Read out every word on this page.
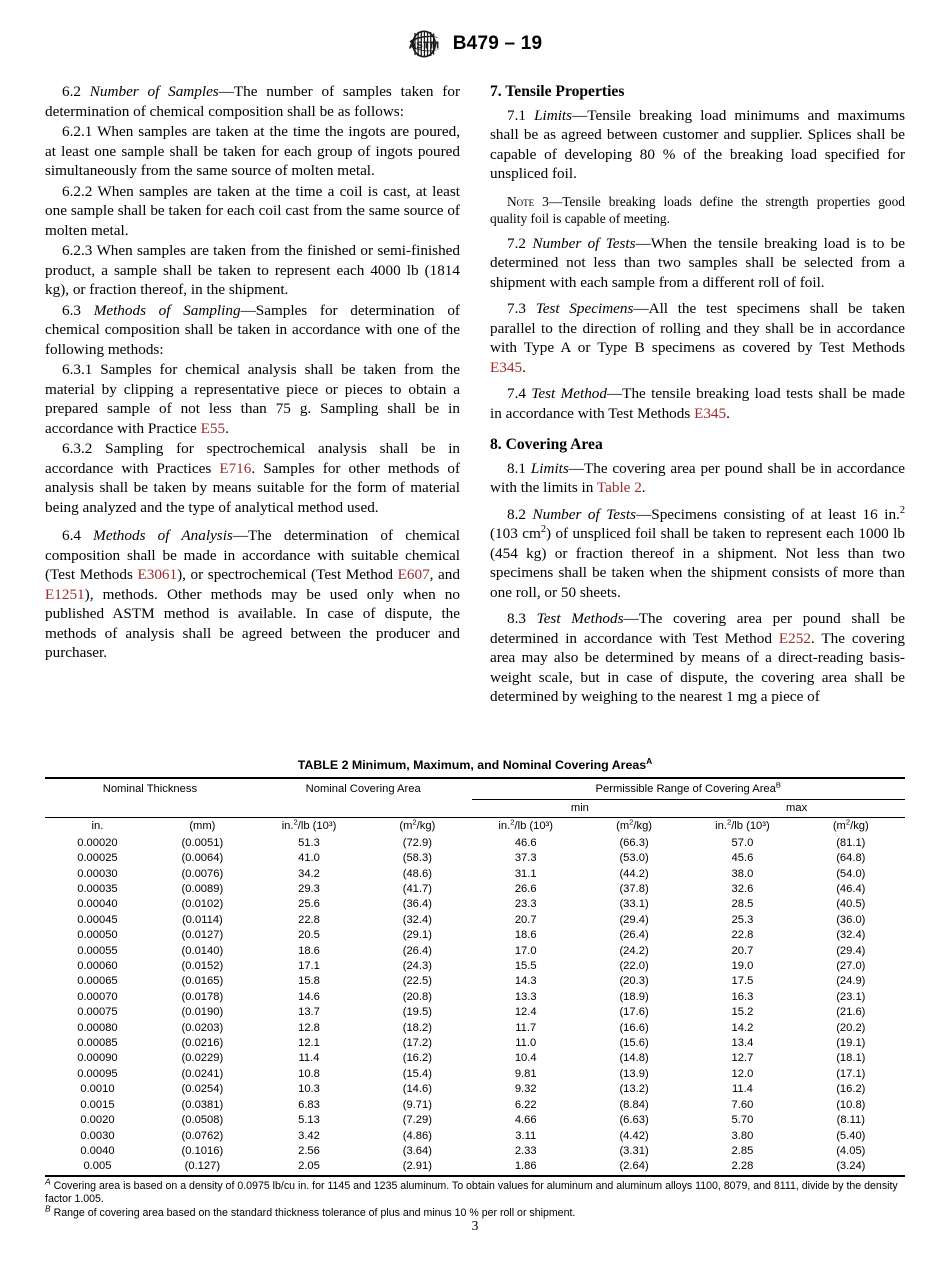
ASTM B479 – 19

6.2 Number of Samples—The number of samples taken for determination of chemical composition shall be as follows:

6.2.1 When samples are taken at the time the ingots are poured, at least one sample shall be taken for each group of ingots poured simultaneously from the same source of molten metal.

6.2.2 When samples are taken at the time a coil is cast, at least one sample shall be taken for each coil cast from the same source of molten metal.

6.2.3 When samples are taken from the finished or semi-finished product, a sample shall be taken to represent each 4000 lb (1814 kg), or fraction thereof, in the shipment.

6.3 Methods of Sampling—Samples for determination of chemical composition shall be taken in accordance with one of the following methods:

6.3.1 Samples for chemical analysis shall be taken from the material by clipping a representative piece or pieces to obtain a prepared sample of not less than 75 g. Sampling shall be in accordance with Practice E55.

6.3.2 Sampling for spectrochemical analysis shall be in accordance with Practices E716. Samples for other methods of analysis shall be taken by means suitable for the form of material being analyzed and the type of analytical method used.

6.4 Methods of Analysis—The determination of chemical composition shall be made in accordance with suitable chemical (Test Methods E3061), or spectrochemical (Test Method E607, and E1251), methods. Other methods may be used only when no published ASTM method is available. In case of dispute, the methods of analysis shall be agreed between the producer and purchaser.

7. Tensile Properties

7.1 Limits—Tensile breaking load minimums and maximums shall be as agreed between customer and supplier. Splices shall be capable of developing 80 % of the breaking load specified for unspliced foil.

Note 3—Tensile breaking loads define the strength properties good quality foil is capable of meeting.

7.2 Number of Tests—When the tensile breaking load is to be determined not less than two samples shall be selected from a shipment with each sample from a different roll of foil.

7.3 Test Specimens—All the test specimens shall be taken parallel to the direction of rolling and they shall be in accordance with Type A or Type B specimens as covered by Test Methods E345.

7.4 Test Method—The tensile breaking load tests shall be made in accordance with Test Methods E345.

8. Covering Area

8.1 Limits—The covering area per pound shall be in accordance with the limits in Table 2.

8.2 Number of Tests—Specimens consisting of at least 16 in.$^2$ (103 $cm^2$) of unspliced foil shall be taken to represent each 1000 lb (454 kg) or fraction thereof in a shipment. Not less than two specimens shall be taken when the shipment consists of more than one roll, or 50 sheets.

8.3 Test Methods—The covering area per pound shall be determined in accordance with Test Method E252. The covering area may also be determined by means of a direct-reading basis-weight scale, but in case of dispute, the covering area shall be determined by weighing to the nearest 1 mg a piece of

TABLE 2 Minimum, Maximum, and Nominal Covering Areas$^A$
Nominal Thickness		Nominal Covering Area		Permissible Range of Covering Area$^B$
				min		max	
in.	(mm)	in.$^2$/lb (10³)	$(m^2/kg)$	in.$^2$/lb (10³)	$(m^2/kg)$	in.$^2$/lb (10³)	$(m^2/kg)$
0.00020	(0.0051)	51.3	(72.9)	46.6	(66.3)	57.0	(81.1)
0.00025	(0.0064)	41.0	(58.3)	37.3	(53.0)	45.6	(64.8)
0.00030	(0.0076)	34.2	(48.6)	31.1	(44.2)	38.0	(54.0)
0.00035	(0.0089)	29.3	(41.7)	26.6	(37.8)	32.6	(46.4)
0.00040	(0.0102)	25.6	(36.4)	23.3	(33.1)	28.5	(40.5)
0.00045	(0.0114)	22.8	(32.4)	20.7	(29.4)	25.3	(36.0)
0.00050	(0.0127)	20.5	(29.1)	18.6	(26.4)	22.8	(32.4)
0.00055	(0.0140)	18.6	(26.4)	17.0	(24.2)	20.7	(29.4)
0.00060	(0.0152)	17.1	(24.3)	15.5	(22.0)	19.0	(27.0)
0.00065	(0.0165)	15.8	(22.5)	14.3	(20.3)	17.5	(24.9)
0.00070	(0.0178)	14.6	(20.8)	13.3	(18.9)	16.3	(23.1)
0.00075	(0.0190)	13.7	(19.5)	12.4	(17.6)	15.2	(21.6)
0.00080	(0.0203)	12.8	(18.2)	11.7	(16.6)	14.2	(20.2)
0.00085	(0.0216)	12.1	(17.2)	11.0	(15.6)	13.4	(19.1)
0.00090	(0.0229)	11.4	(16.2)	10.4	(14.8)	12.7	(18.1)
0.00095	(0.0241)	10.8	(15.4)	9.81	(13.9)	12.0	(17.1)
0.0010	(0.0254)	10.3	(14.6)	9.32	(13.2)	11.4	(16.2)
0.0015	(0.0381)	6.83	(9.71)	6.22	(8.84)	7.60	(10.8)
0.0020	(0.0508)	5.13	(7.29)	4.66	(6.63)	5.70	(8.11)
0.0030	(0.0762)	3.42	(4.86)	3.11	(4.42)	3.80	(5.40)
0.0040	(0.1016)	2.56	(3.64)	2.33	(3.31)	2.85	(4.05)
0.005	(0.127)	2.05	(2.91)	1.86	(2.64)	2.28	(3.24)

$^A$ Covering area is based on a density of 0.0975 lb/cu in. for 1145 and 1235 aluminum. To obtain values for aluminum and aluminum alloys 1100, 8079, and 8111, divide by the density factor 1.005.

$^B$ Range of covering area based on the standard thickness tolerance of plus and minus 10 % per roll or shipment.

3
